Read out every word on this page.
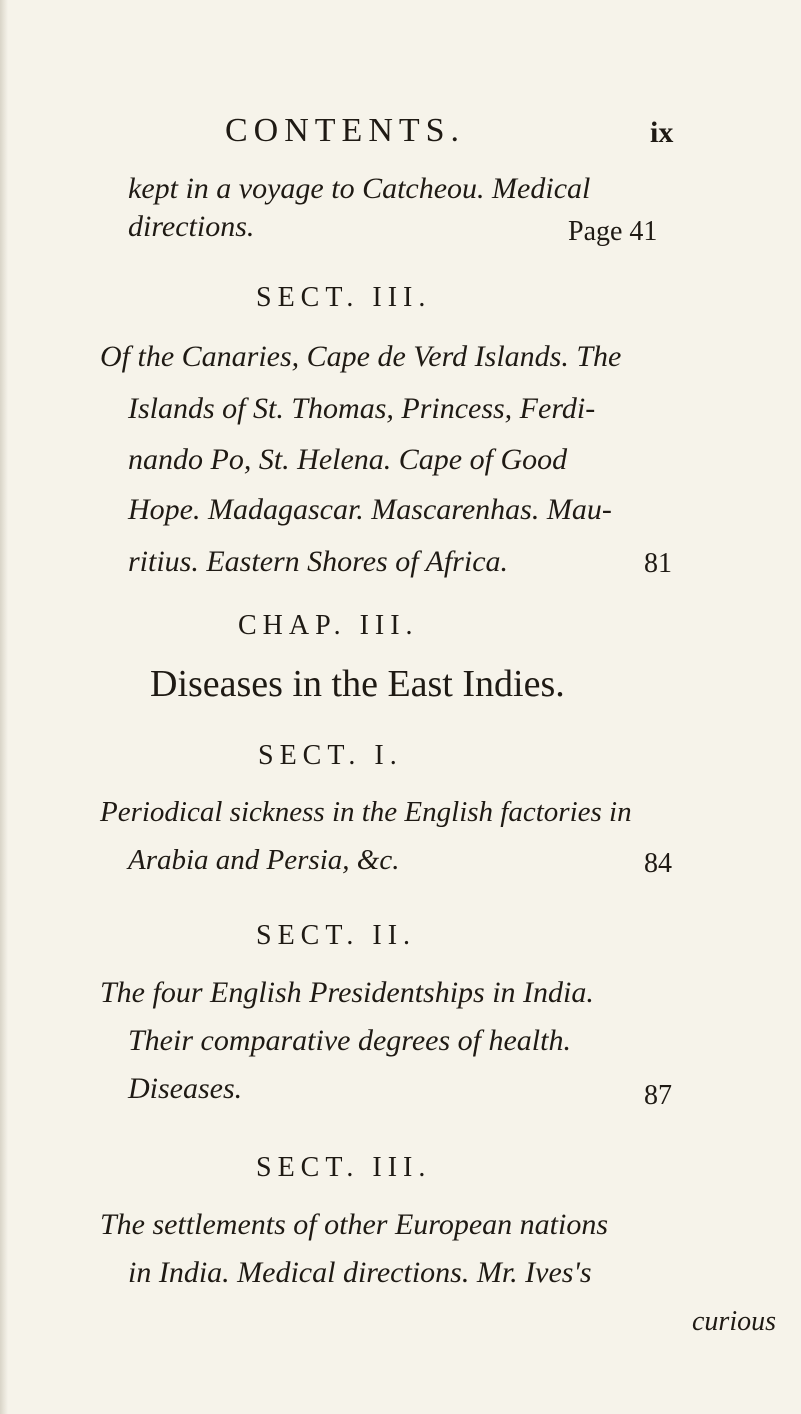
CONTENTS.	ix
kept in a voyage to Catcheou. Medical
directions.	Page 41
SECT. III.
Of the Canaries, Cape de Verd Islands. The
Islands of St. Thomas, Princess, Ferdi-
nando Po, St. Helena. Cape of Good
Hope. Madagascar. Mascarenhas. Mau-
ritius. Eastern Shores of Africa.	81
CHAP. III.
Diseases in the East Indies.
SECT. I.
Periodical sickness in the English factories in
Arabia and Persia, &c.	84
SECT. II.
The four English Presidentships in India.
Their comparative degrees of health.
Diseases.	87
SECT. III.
The settlements of other European nations
in India. Medical directions. Mr. Ives's
curious
